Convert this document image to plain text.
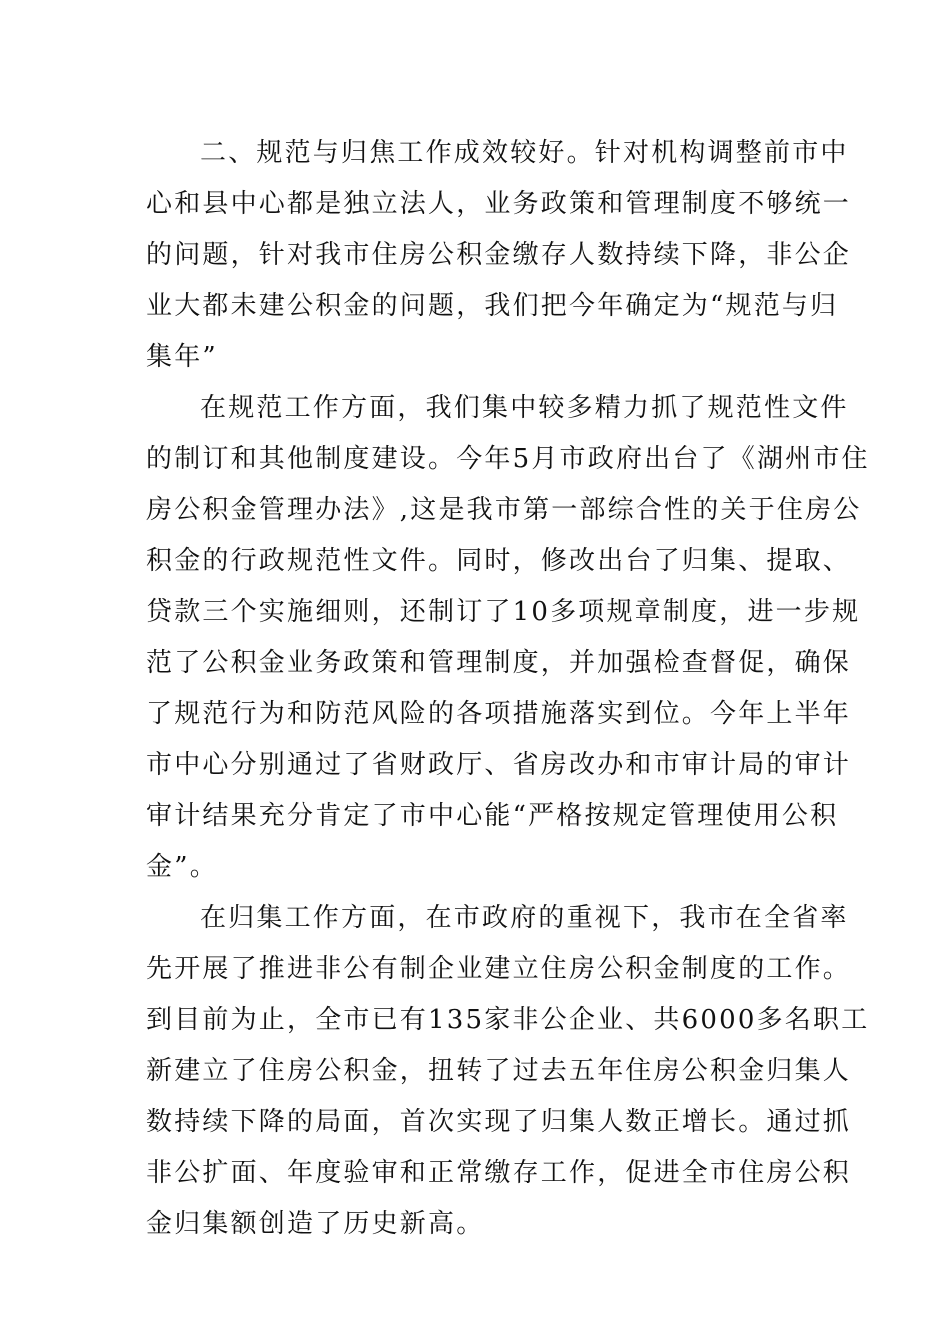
二、规范与归焦工作成效较好。针对机构调整前市中
心和县中心都是独立法人，业务政策和管理制度不够统一
的问题，针对我市住房公积金缴存人数持续下降，非公企
业大都未建公积金的问题，我们把今年确定为“规范与归
集年”
在规范工作方面，我们集中较多精力抓了规范性文件
的制订和其他制度建设。今年5月市政府出台了《湖州市住
房公积金管理办法》,这是我市第一部综合性的关于住房公
积金的行政规范性文件。同时，修改出台了归集、提取、
贷款三个实施细则，还制订了10多项规章制度，进一步规
范了公积金业务政策和管理制度，并加强检查督促，确保
了规范行为和防范风险的各项措施落实到位。今年上半年
市中心分别通过了省财政厅、省房改办和市审计局的审计
审计结果充分肯定了市中心能“严格按规定管理使用公积
金”。
在归集工作方面，在市政府的重视下，我市在全省率
先开展了推进非公有制企业建立住房公积金制度的工作。
到目前为止，全市已有135家非公企业、共6000多名职工
新建立了住房公积金，扭转了过去五年住房公积金归集人
数持续下降的局面，首次实现了归集人数正增长。通过抓
非公扩面、年度验审和正常缴存工作，促进全市住房公积
金归集额创造了历史新高。
